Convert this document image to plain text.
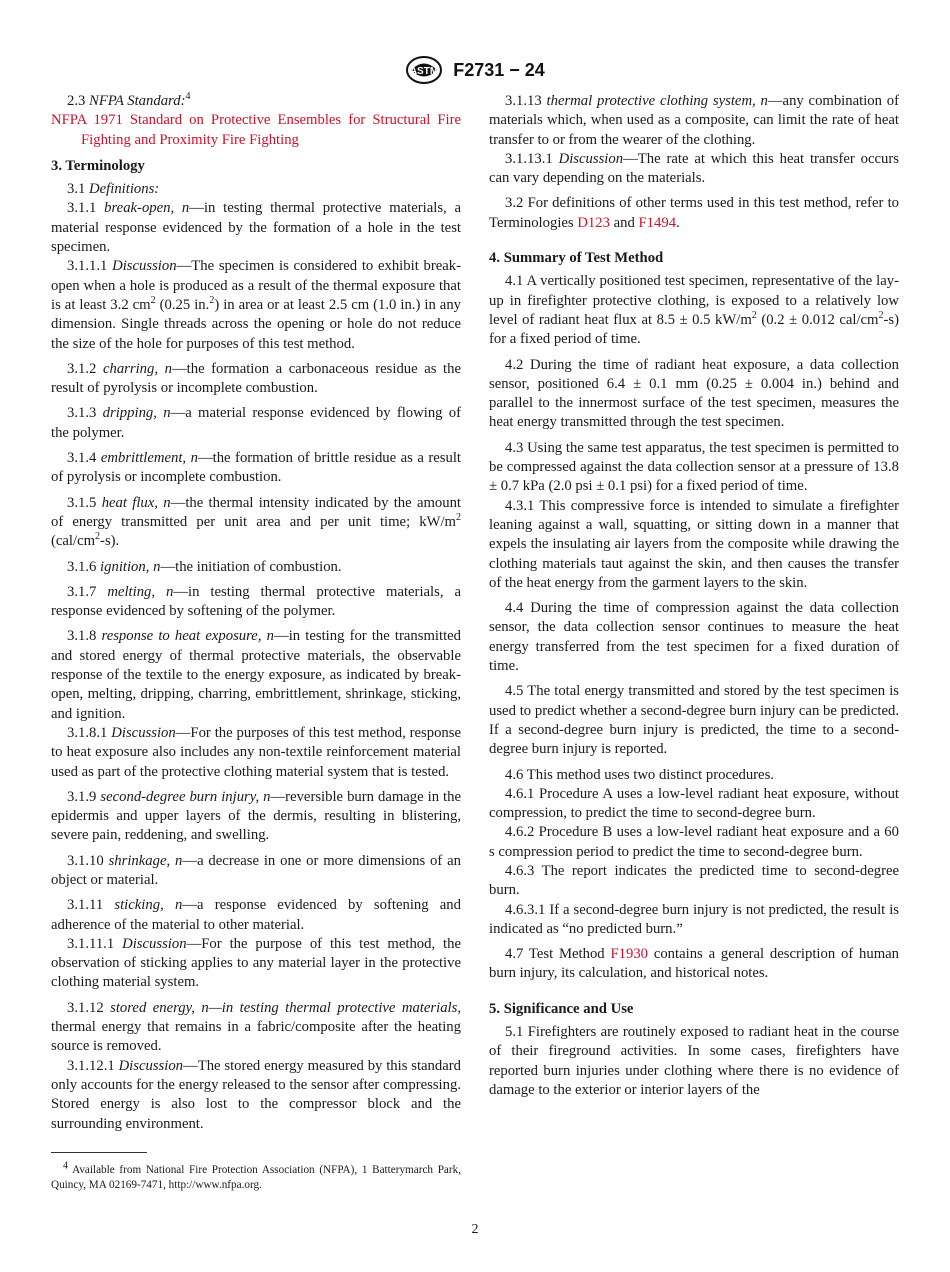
ASTM F2731 − 24

2.3 NFPA Standard:$^4$

NFPA 1971 Standard on Protective Ensembles for Structural Fire Fighting and Proximity Fire Fighting

3. Terminology

3.1 Definitions:

3.1.1 break-open, n—in testing thermal protective materials, a material response evidenced by the formation of a hole in the test specimen.

3.1.1.1 Discussion—The specimen is considered to exhibit break-open when a hole is produced as a result of the thermal exposure that is at least 3.2 $cm^2$ (0.25 in.$^2$) in area or at least 2.5 cm (1.0 in.) in any dimension. Single threads across the opening or hole do not reduce the size of the hole for purposes of this test method.

3.1.2 charring, n—the formation a carbonaceous residue as the result of pyrolysis or incomplete combustion.

3.1.3 dripping, n—a material response evidenced by flowing of the polymer.

3.1.4 embrittlement, n—the formation of brittle residue as a result of pyrolysis or incomplete combustion.

3.1.5 heat flux, n—the thermal intensity indicated by the amount of energy transmitted per unit area and per unit time; $kW/m^2$ $(cal/cm^2-s)$.

3.1.6 ignition, n—the initiation of combustion.

3.1.7 melting, n—in testing thermal protective materials, a response evidenced by softening of the polymer.

3.1.8 response to heat exposure, n—in testing for the transmitted and stored energy of thermal protective materials, the observable response of the textile to the energy exposure, as indicated by break-open, melting, dripping, charring, embrittlement, shrinkage, sticking, and ignition.

3.1.8.1 Discussion—For the purposes of this test method, response to heat exposure also includes any non-textile reinforcement material used as part of the protective clothing material system that is tested.

3.1.9 second-degree burn injury, n—reversible burn damage in the epidermis and upper layers of the dermis, resulting in blistering, severe pain, reddening, and swelling.

3.1.10 shrinkage, n—a decrease in one or more dimensions of an object or material.

3.1.11 sticking, n—a response evidenced by softening and adherence of the material to other material.

3.1.11.1 Discussion—For the purpose of this test method, the observation of sticking applies to any material layer in the protective clothing material system.

3.1.12 stored energy, n—in testing thermal protective materials, thermal energy that remains in a fabric/composite after the heating source is removed.

3.1.12.1 Discussion—The stored energy measured by this standard only accounts for the energy released to the sensor after compressing. Stored energy is also lost to the compressor block and the surrounding environment.

3.1.13 thermal protective clothing system, n—any combination of materials which, when used as a composite, can limit the rate of heat transfer to or from the wearer of the clothing.

3.1.13.1 Discussion—The rate at which this heat transfer occurs can vary depending on the materials.

3.2 For definitions of other terms used in this test method, refer to Terminologies D123 and F1494.

4. Summary of Test Method

4.1 A vertically positioned test specimen, representative of the lay-up in firefighter protective clothing, is exposed to a relatively low level of radiant heat flux at 8.5 ± 0.5 $kW/m^2$ (0.2 ± 0.012 cal/$cm^2-s$) for a fixed period of time.

4.2 During the time of radiant heat exposure, a data collection sensor, positioned 6.4 ± 0.1 mm (0.25 ± 0.004 in.) behind and parallel to the innermost surface of the test specimen, measures the heat energy transmitted through the test specimen.

4.3 Using the same test apparatus, the test specimen is permitted to be compressed against the data collection sensor at a pressure of 13.8 ± 0.7 kPa (2.0 psi ± 0.1 psi) for a fixed period of time.

4.3.1 This compressive force is intended to simulate a firefighter leaning against a wall, squatting, or sitting down in a manner that expels the insulating air layers from the composite while drawing the clothing materials taut against the skin, and then causes the transfer of the heat energy from the garment layers to the skin.

4.4 During the time of compression against the data collection sensor, the data collection sensor continues to measure the heat energy transferred from the test specimen for a fixed duration of time.

4.5 The total energy transmitted and stored by the test specimen is used to predict whether a second-degree burn injury can be predicted. If a second-degree burn injury is predicted, the time to a second-degree burn injury is reported.

4.6 This method uses two distinct procedures.

4.6.1 Procedure A uses a low-level radiant heat exposure, without compression, to predict the time to second-degree burn.

4.6.2 Procedure B uses a low-level radiant heat exposure and a 60 s compression period to predict the time to second-degree burn.

4.6.3 The report indicates the predicted time to second-degree burn.

4.6.3.1 If a second-degree burn injury is not predicted, the result is indicated as “no predicted burn.”

4.7 Test Method F1930 contains a general description of human burn injury, its calculation, and historical notes.

5. Significance and Use

5.1 Firefighters are routinely exposed to radiant heat in the course of their fireground activities. In some cases, firefighters have reported burn injuries under clothing where there is no evidence of damage to the exterior or interior layers of the

$^4$ Available from National Fire Protection Association (NFPA), 1 Batterymarch Park, Quincy, MA 02169-7471, http://www.nfpa.org.

2
